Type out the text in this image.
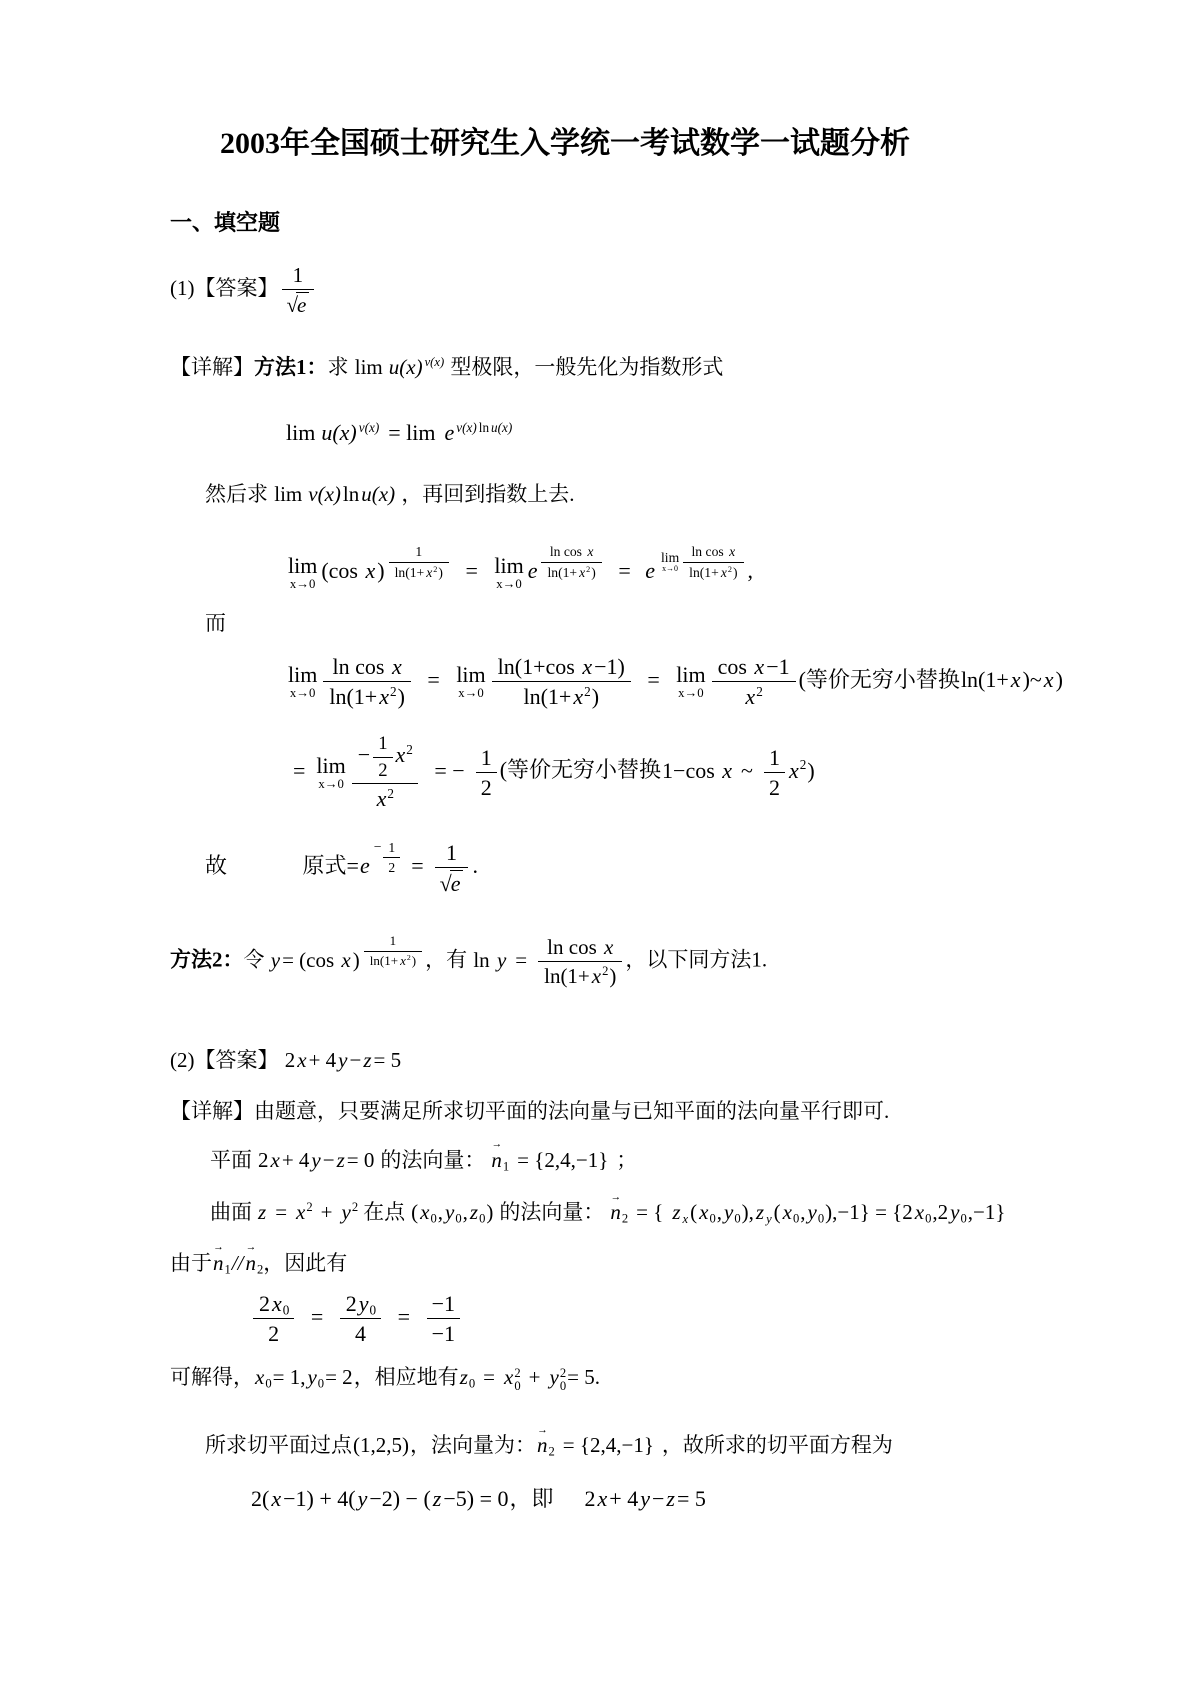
2003年全国硕士研究生入学统一考试数学一试题分析
一、填空题
(1)【答案】 $\frac{1}{√e}$
【详解】方法1：求 lim u(x) $^{v(x)}$ 型极限，一般先化为指数形式
lim u(x) $^{v(x)}$ = lim e $^{v(x) ln u(x)}$
然后求 lim v(x)lnu(x) ，再回到指数上去.
lim
x→0
(cos $x) \frac{1}{\ln(1+ x^2)} = \lim$
x→0
e $\frac{\text{ln cos x}}{\ln(1+ x^2)} = e$
lim
$x\to 0 \frac{\text{ln cos x}}{\ln(1+ x^2)}$ ,
而
lim
$x\to 0 \frac{\text{ln cos x}}{\ln(1+x^2)} = \lim$
$x\to 0 \frac{\text{ln(1+cos x−1)}}{\ln(1+x^2)} = \lim$
$x\to 0 \frac{\text{cos x−1}}{x^2}$ (等价无穷小替换ln(1+x)~x)
= lim
$x\to 0 \frac{- \frac{1}{2} x^2}{x^2}$ = − $\frac{1}{2}$ (等价无穷小替换1−cos x ~ $\frac{1}{2} x^2$)
故	原式$=e- \frac{1}{2} = \frac{1}{√e}$ .
方法2：令 y= (cos $x) \frac{1}{\ln(1+ x^2)}$ ，有 $\ln y = \frac{\text{ln cos x}}{\ln(1+x^2)}$ ，以下同方法1.
(2)【答案】 2x+ 4y−z= 5
【详解】由题意，只要满足所求切平面的法向量与已知平面的法向量平行即可.
平面 2x+ 4y−z= 0 的法向量：
→
$n_1 = \{2,4,-1\}$ ；
曲面 $z = x^2 + y^2$ 在点 $(x_0,y_0,z_0)$ 的法向量：
→
$n_2$ = { z $_x(x_0,y_0),z$ $_y(x_0,y_0),-1\} = \{2x_0,2y_0,-1\}$
由于
→
$n_1//$
→
$n_2$，因此有
$\frac{2x_0}{2} = \frac{2y_0}{4} = \frac{-1}{-1}$
可解得，$x_0= 1,y_0= 2$，相应地有$z_0 = x$ 2
0 + y 2
0 = 5.
所求切平面过点(1,2,5)，法向量为：
→
$n_2 = \{2,4,-1\}$ ，故所求的切平面方程为
2(x−1) + 4(y−2) − (z−5) = 0，即 2x+ 4y−z= 5
